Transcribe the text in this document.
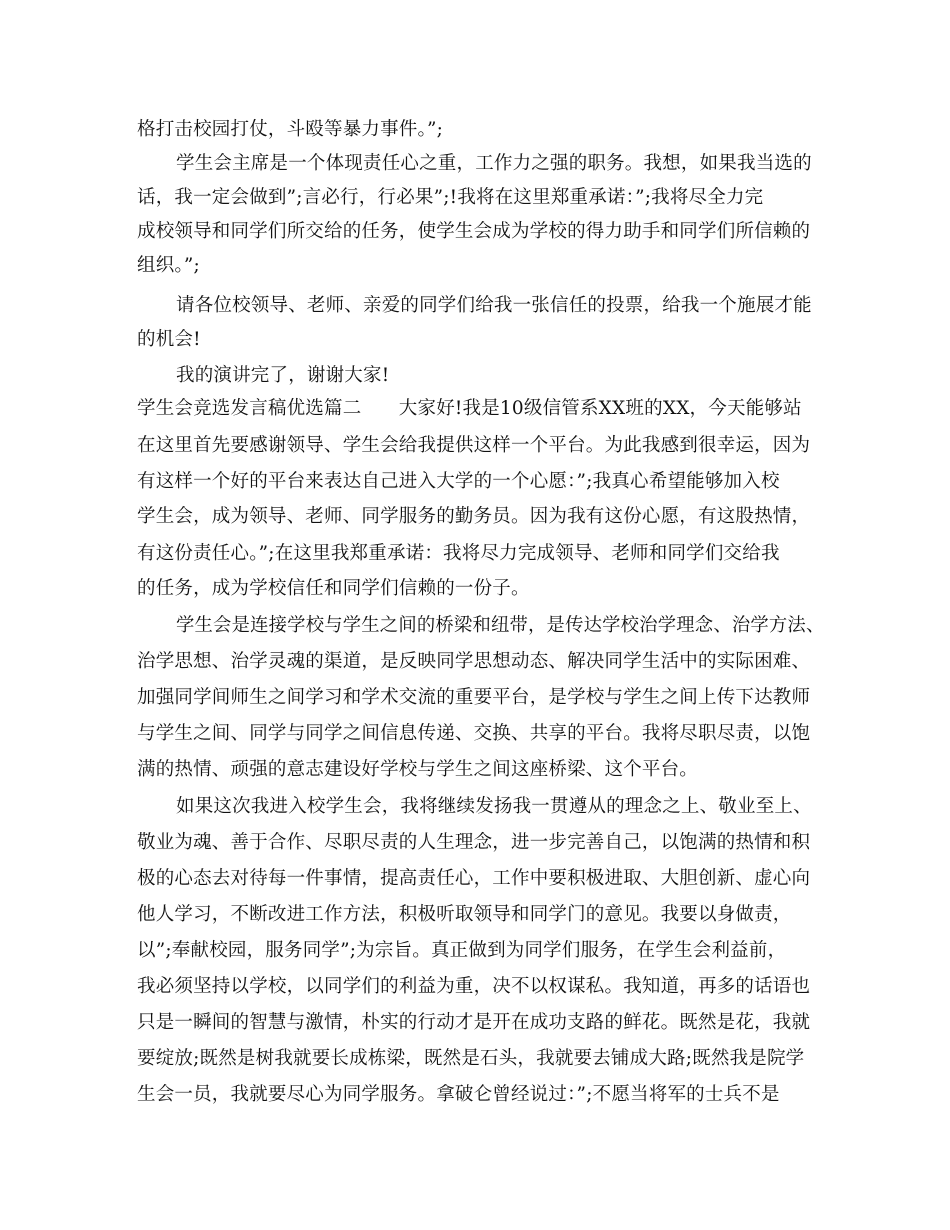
格打击校园打仗，斗殴等暴力事件。”;
学生会主席是一个体现责任心之重，工作力之强的职务。我想，如果我当选的
话，我一定会做到”;言必行，行必果”;!我将在这里郑重承诺：”;我将尽全力完
成校领导和同学们所交给的任务，使学生会成为学校的得力助手和同学们所信赖的
组织。”;
请各位校领导、老师、亲爱的同学们给我一张信任的投票，给我一个施展才能
的机会!
我的演讲完了，谢谢大家!
学生会竞选发言稿优选篇二　　大家好!我是10级信管系XX班的XX，今天能够站
在这里首先要感谢领导、学生会给我提供这样一个平台。为此我感到很幸运，因为
有这样一个好的平台来表达自己进入大学的一个心愿：”;我真心希望能够加入校
学生会，成为领导、老师、同学服务的勤务员。因为我有这份心愿，有这股热情，
有这份责任心。”;在这里我郑重承诺：我将尽力完成领导、老师和同学们交给我
的任务，成为学校信任和同学们信赖的一份子。
学生会是连接学校与学生之间的桥梁和纽带，是传达学校治学理念、治学方法、
治学思想、治学灵魂的渠道，是反映同学思想动态、解决同学生活中的实际困难、
加强同学间师生之间学习和学术交流的重要平台，是学校与学生之间上传下达教师
与学生之间、同学与同学之间信息传递、交换、共享的平台。我将尽职尽责，以饱
满的热情、顽强的意志建设好学校与学生之间这座桥梁、这个平台。
如果这次我进入校学生会，我将继续发扬我一贯遵从的理念之上、敬业至上、
敬业为魂、善于合作、尽职尽责的人生理念，进一步完善自己，以饱满的热情和积
极的心态去对待每一件事情，提高责任心，工作中要积极进取、大胆创新、虚心向
他人学习，不断改进工作方法，积极听取领导和同学门的意见。我要以身做责，
以”;奉献校园，服务同学”;为宗旨。真正做到为同学们服务，在学生会利益前，
我必须坚持以学校，以同学们的利益为重，决不以权谋私。我知道，再多的话语也
只是一瞬间的智慧与激情，朴实的行动才是开在成功支路的鲜花。既然是花，我就
要绽放;既然是树我就要长成栋梁，既然是石头，我就要去铺成大路;既然我是院学
生会一员，我就要尽心为同学服务。拿破仑曾经说过：”;不愿当将军的士兵不是
